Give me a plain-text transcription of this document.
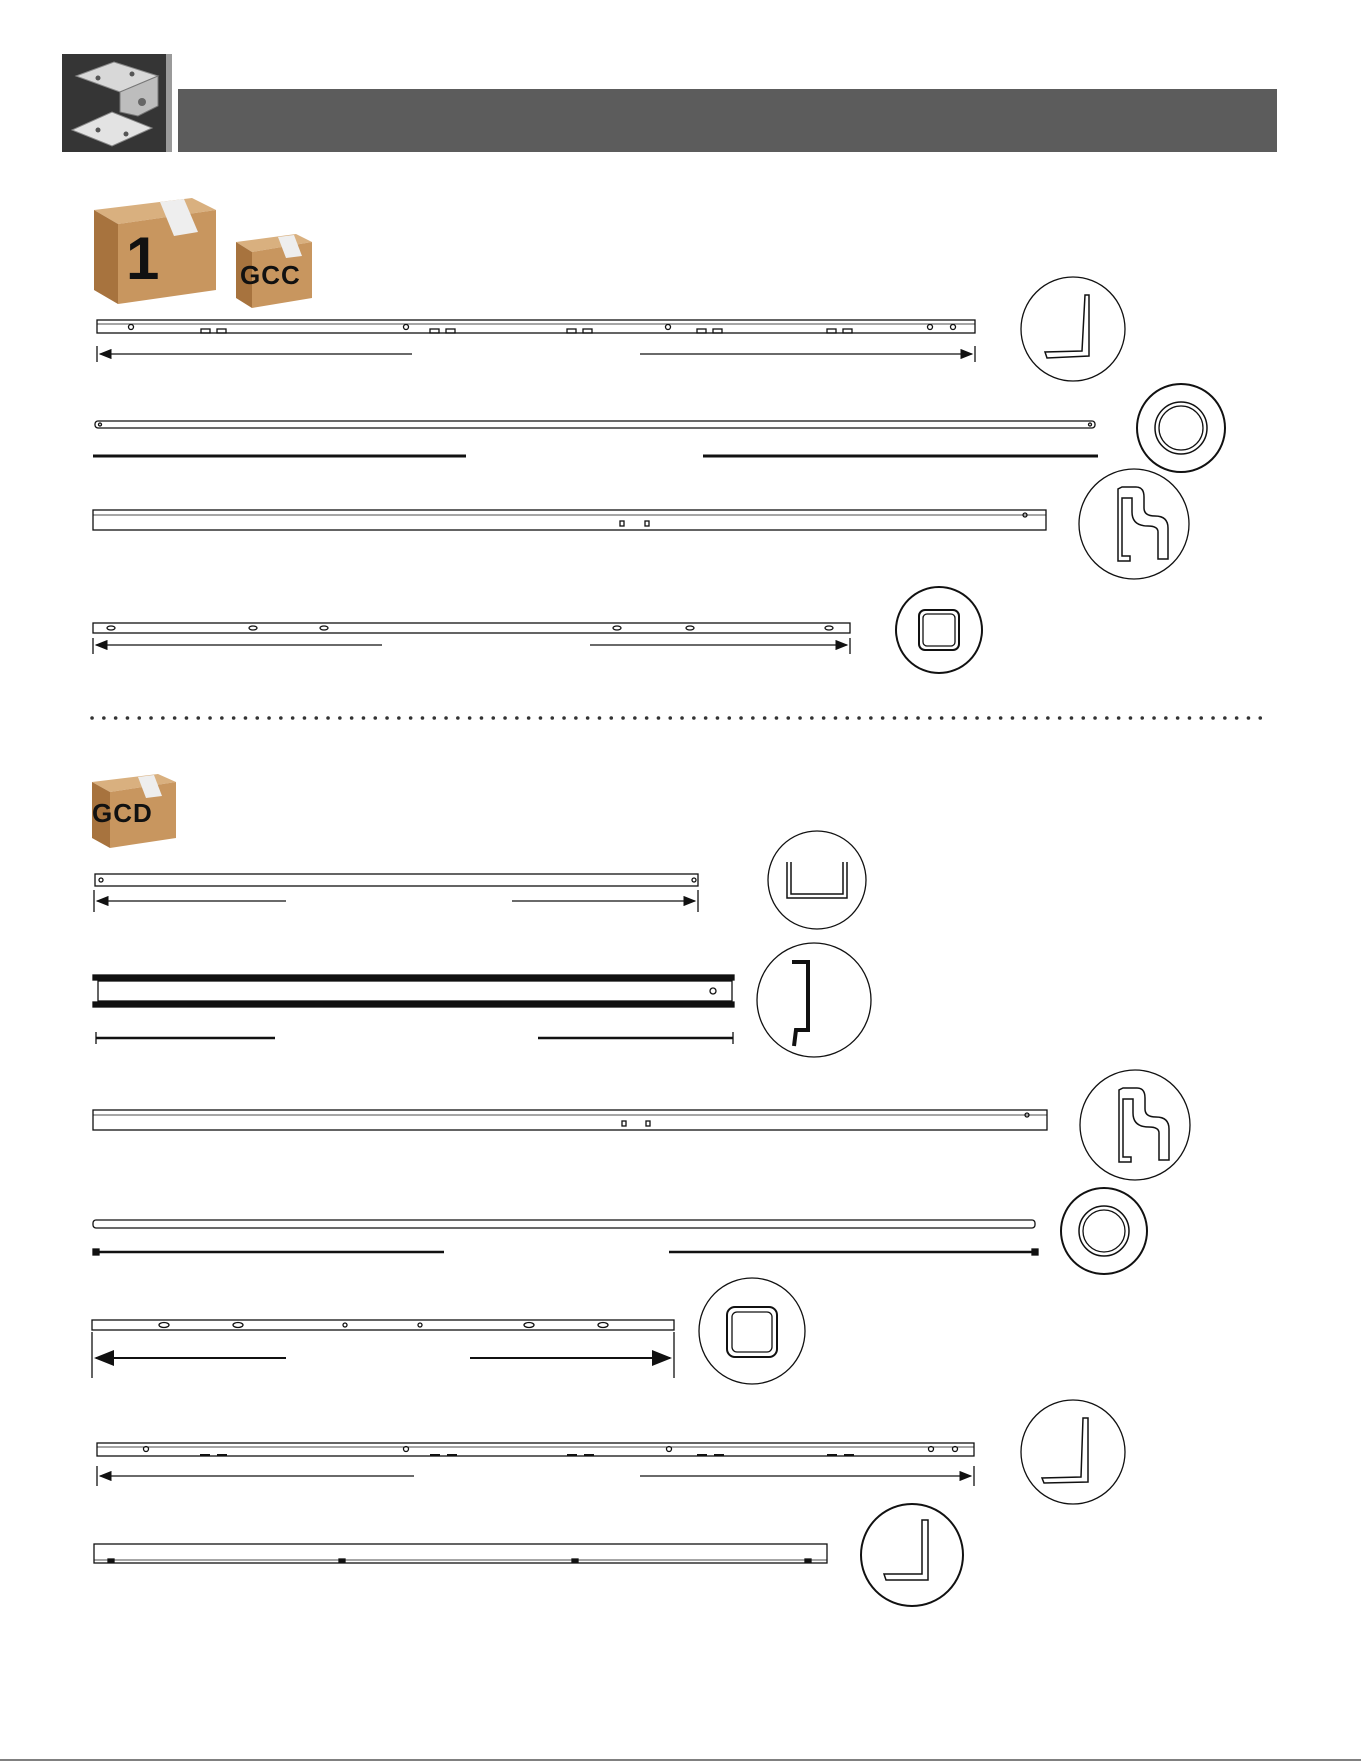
1	GCC
GCD
